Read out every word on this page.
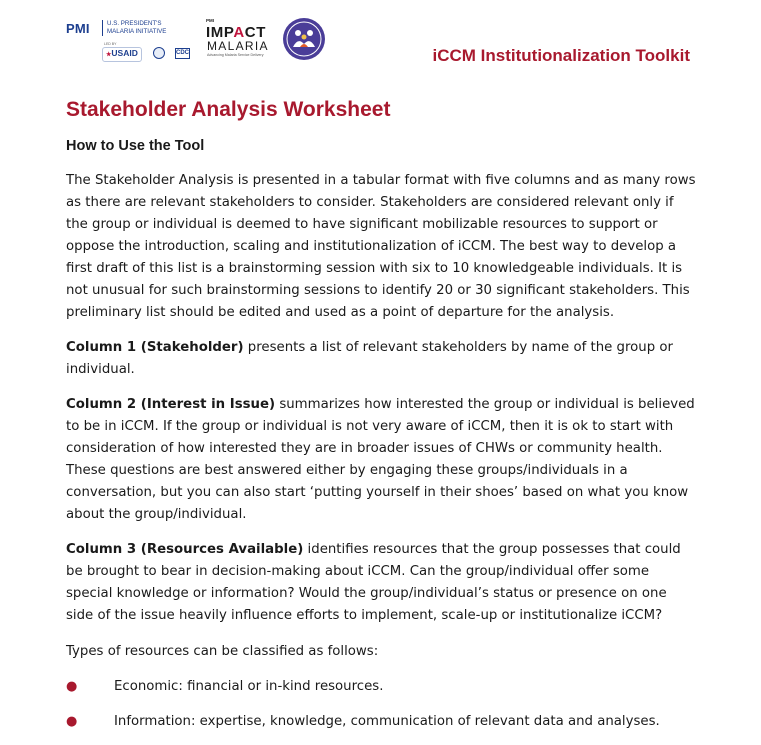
PMI	U.S. PRESIDENT'S
MALARIA INITIATIVE
LED BY
★USAID	CDC
PMI
IMPACT
MALARIA
Advancing Malaria Service Delivery	iCCM Institutionalization Toolkit
Stakeholder Analysis Worksheet
How to Use the Tool

The Stakeholder Analysis is presented in a tabular format with five columns and as many rows as there are relevant stakeholders to consider. Stakeholders are considered relevant only if the group or individual is deemed to have significant mobilizable resources to support or oppose the introduction, scaling and institutionalization of iCCM. The best way to develop a first draft of this list is a brainstorming session with six to 10 knowledgeable individuals. It is not unusual for such brainstorming sessions to identify 20 or 30 significant stakeholders. This preliminary list should be edited and used as a point of departure for the analysis.

Column 1 (Stakeholder) presents a list of relevant stakeholders by name of the group or individual.

Column 2 (Interest in Issue) summarizes how interested the group or individual is believed to be in iCCM. If the group or individual is not very aware of iCCM, then it is ok to start with consideration of how interested they are in broader issues of CHWs or community health. These questions are best answered either by engaging these groups/individuals in a conversation, but you can also start ‘putting yourself in their shoes’ based on what you know about the group/individual.

Column 3 (Resources Available) identifies resources that the group possesses that could be brought to bear in decision-making about iCCM. Can the group/individual offer some special knowledge or information? Would the group/individual’s status or presence on one side of the issue heavily influence efforts to implement, scale-up or institutionalize iCCM?

Types of resources can be classified as follows:

●	Economic: financial or in-kind resources.
●	Information: expertise, knowledge, communication of relevant data and analyses.
